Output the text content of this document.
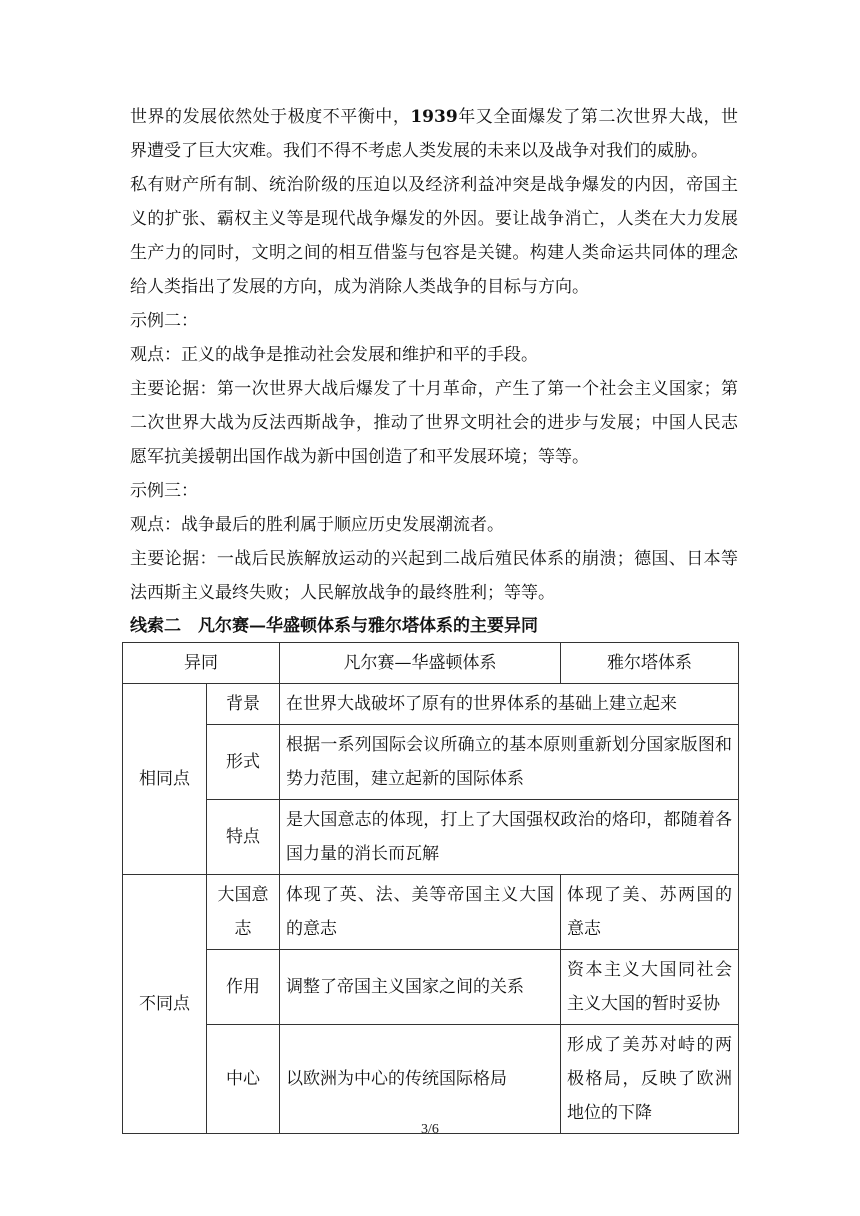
世界的发展依然处于极度不平衡中，1939年又全面爆发了第二次世界大战，世界遭受了巨大灾难。我们不得不考虑人类发展的未来以及战争对我们的威胁。

私有财产所有制、统治阶级的压迫以及经济利益冲突是战争爆发的内因，帝国主义的扩张、霸权主义等是现代战争爆发的外因。要让战争消亡，人类在大力发展生产力的同时，文明之间的相互借鉴与包容是关键。构建人类命运共同体的理念给人类指出了发展的方向，成为消除人类战争的目标与方向。

示例二：

观点：正义的战争是推动社会发展和维护和平的手段。

主要论据：第一次世界大战后爆发了十月革命，产生了第一个社会主义国家；第二次世界大战为反法西斯战争，推动了世界文明社会的进步与发展；中国人民志愿军抗美援朝出国作战为新中国创造了和平发展环境；等等。

示例三：

观点：战争最后的胜利属于顺应历史发展潮流者。

主要论据：一战后民族解放运动的兴起到二战后殖民体系的崩溃；德国、日本等法西斯主义最终失败；人民解放战争的最终胜利；等等。

线索二　凡尔赛—华盛顿体系与雅尔塔体系的主要异同

异同		凡尔赛—华盛顿体系	雅尔塔体系
相同点	背景	在世界大战破坏了原有的世界体系的基础上建立起来	
	形式	根据一系列国际会议所确立的基本原则重新划分国家版图和势力范围，建立起新的国际体系	
	特点	是大国意志的体现，打上了大国强权政治的烙印，都随着各国力量的消长而瓦解	
不同点	大国意志	体现了英、法、美等帝国主义大国的意志	体现了美、苏两国的意志
	作用	调整了帝国主义国家之间的关系	资本主义大国同社会主义大国的暂时妥协
	中心	以欧洲为中心的传统国际格局	形成了美苏对峙的两极格局，反映了欧洲地位的下降
3/6
